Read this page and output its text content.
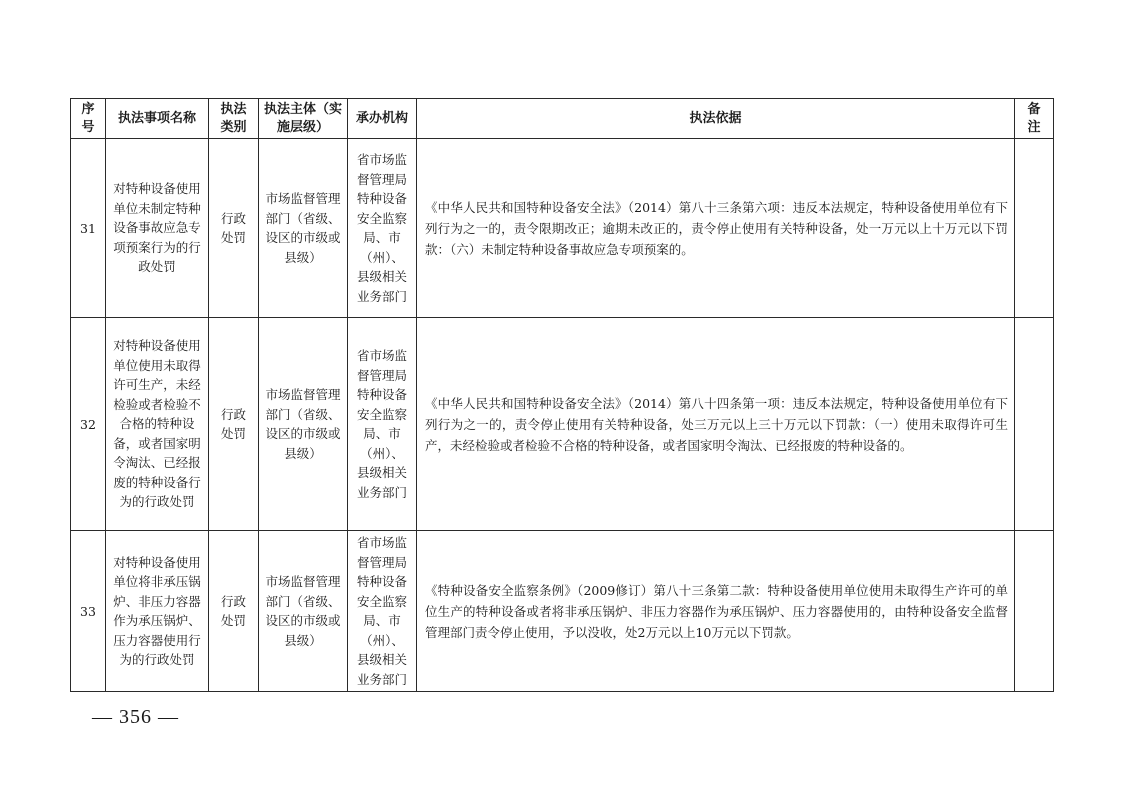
序号	执法事项名称	执法类别	执法主体（实施层级）	承办机构	执法依据	备注

31	对特种设备使用单位未制定特种设备事故应急专项预案行为的行政处罚	行政处罚	市场监督管理部门（省级、设区的市级或县级）	省市场监督管理局特种设备安全监察局、市（州）、县级相关业务部门	《中华人民共和国特种设备安全法》（2014）第八十三条第六项：违反本法规定，特种设备使用单位有下列行为之一的，责令限期改正；逾期未改正的，责令停止使用有关特种设备，处一万元以上十万元以下罚款：（六）未制定特种设备事故应急专项预案的。	

32	对特种设备使用单位使用未取得许可生产，未经检验或者检验不合格的特种设备，或者国家明令淘汰、已经报废的特种设备行为的行政处罚	行政处罚	市场监督管理部门（省级、设区的市级或县级）	省市场监督管理局特种设备安全监察局、市（州）、县级相关业务部门	《中华人民共和国特种设备安全法》（2014）第八十四条第一项：违反本法规定，特种设备使用单位有下列行为之一的，责令停止使用有关特种设备，处三万元以上三十万元以下罚款：（一）使用未取得许可生产，未经检验或者检验不合格的特种设备，或者国家明令淘汰、已经报废的特种设备的。	

33	对特种设备使用单位将非承压锅炉、非压力容器作为承压锅炉、压力容器使用行为的行政处罚	行政处罚	市场监督管理部门（省级、设区的市级或县级）	省市场监督管理局特种设备安全监察局、市（州）、县级相关业务部门	《特种设备安全监察条例》（2009修订）第八十三条第二款：特种设备使用单位使用未取得生产许可的单位生产的特种设备或者将非承压锅炉、非压力容器作为承压锅炉、压力容器使用的，由特种设备安全监督管理部门责令停止使用，予以没收，处2万元以上10万元以下罚款。	

— 356 —
